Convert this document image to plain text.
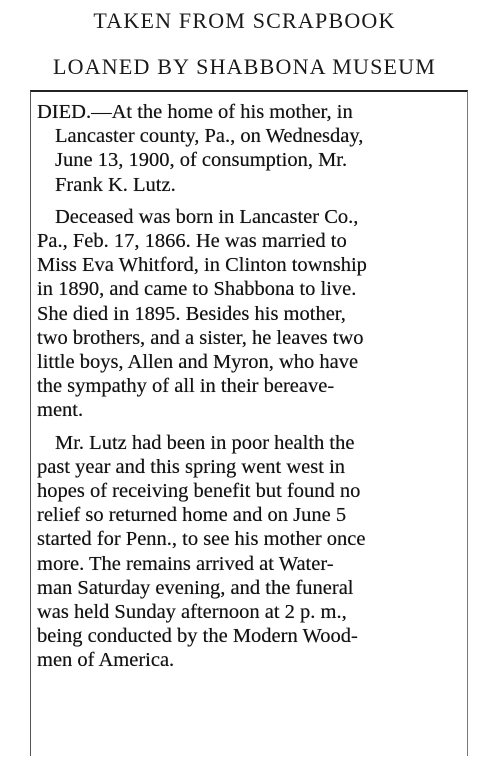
TAKEN FROM SCRAPBOOK
LOANED BY SHABBONA MUSEUM
DIED.—At the home of his mother, in
Lancaster county, Pa., on Wednesday,
June 13, 1900, of consumption, Mr.
Frank K. Lutz.
Deceased was born in Lancaster Co.,
Pa., Feb. 17, 1866. He was married to
Miss Eva Whitford, in Clinton township
in 1890, and came to Shabbona to live.
She died in 1895. Besides his mother,
two brothers, and a sister, he leaves two
little boys, Allen and Myron, who have
the sympathy of all in their bereave-
ment.
Mr. Lutz had been in poor health the
past year and this spring went west in
hopes of receiving benefit but found no
relief so returned home and on June 5
started for Penn., to see his mother once
more. The remains arrived at Water-
man Saturday evening, and the funeral
was held Sunday afternoon at 2 p. m.,
being conducted by the Modern Wood-
men of America.
